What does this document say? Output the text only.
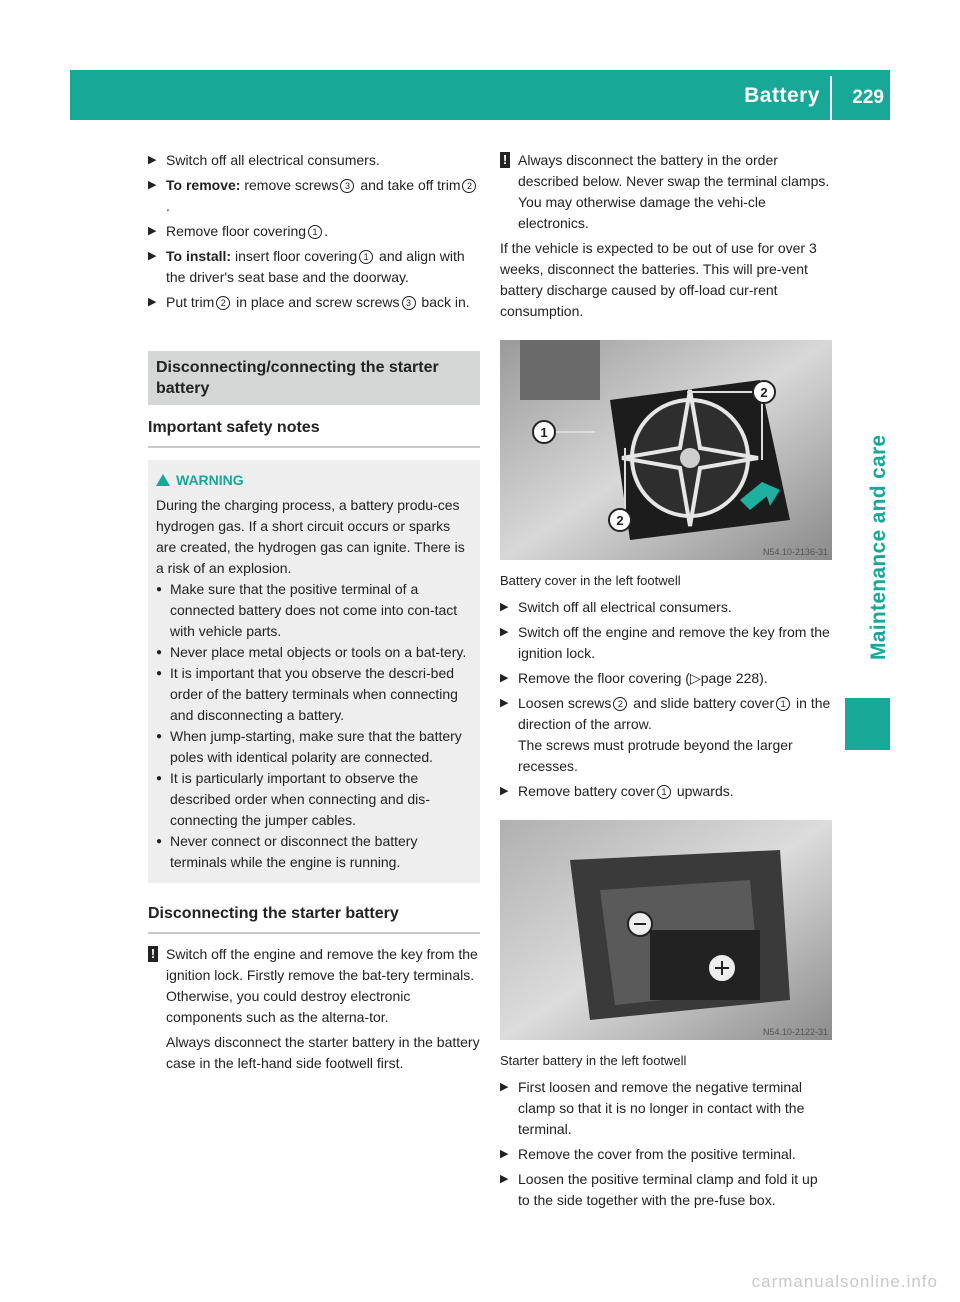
Battery 229
Maintenance and care
▶ Switch off all electrical consumers.
▶ To remove: remove screws 3 and take off trim 2.
▶ Remove floor covering 1 .
▶ To install: insert floor covering 1 and align with the driver's seat base and the doorway.
▶ Put trim 2 in place and screw screws 3 back in.
Disconnecting/connecting the starter battery
Important safety notes
WARNING

During the charging process, a battery produ-ces hydrogen gas. If a short circuit occurs or sparks are created, the hydrogen gas can ignite. There is a risk of an explosion.

● Make sure that the positive terminal of a connected battery does not come into con-tact with vehicle parts.
● Never place metal objects or tools on a bat-tery.
● It is important that you observe the descri-bed order of the battery terminals when connecting and disconnecting a battery.
● When jump-starting, make sure that the battery poles with identical polarity are connected.
● It is particularly important to observe the described order when connecting and dis-connecting the jumper cables.
● Never connect or disconnect the battery terminals while the engine is running.
Disconnecting the starter battery
! Switch off the engine and remove the key from the ignition lock. Firstly remove the bat-tery terminals. Otherwise, you could destroy electronic components such as the alterna-tor.

Always disconnect the starter battery in the battery case in the left-hand side footwell first.

! Always disconnect the battery in the order described below. Never swap the terminal clamps. You may otherwise damage the vehi-cle electronics.

If the vehicle is expected to be out of use for over 3 weeks, disconnect the batteries. This will pre-vent battery discharge caused by off-load cur-rent consumption.

1
2
2
N54.10-2136-31

Battery cover in the left footwell

▶ Switch off all electrical consumers.
▶ Switch off the engine and remove the key from the ignition lock.
▶ Remove the floor covering (▷page 228).
▶ Loosen screws 2 and slide battery cover 1 in the direction of the arrow.
The screws must protrude beyond the larger recesses.
▶ Remove battery cover 1 upwards.
N54.10-2122-31

Starter battery in the left footwell

▶ First loosen and remove the negative terminal clamp so that it is no longer in contact with the terminal.
▶ Remove the cover from the positive terminal.
▶ Loosen the positive terminal clamp and fold it up to the side together with the pre-fuse box.
carmanualsonline.info
